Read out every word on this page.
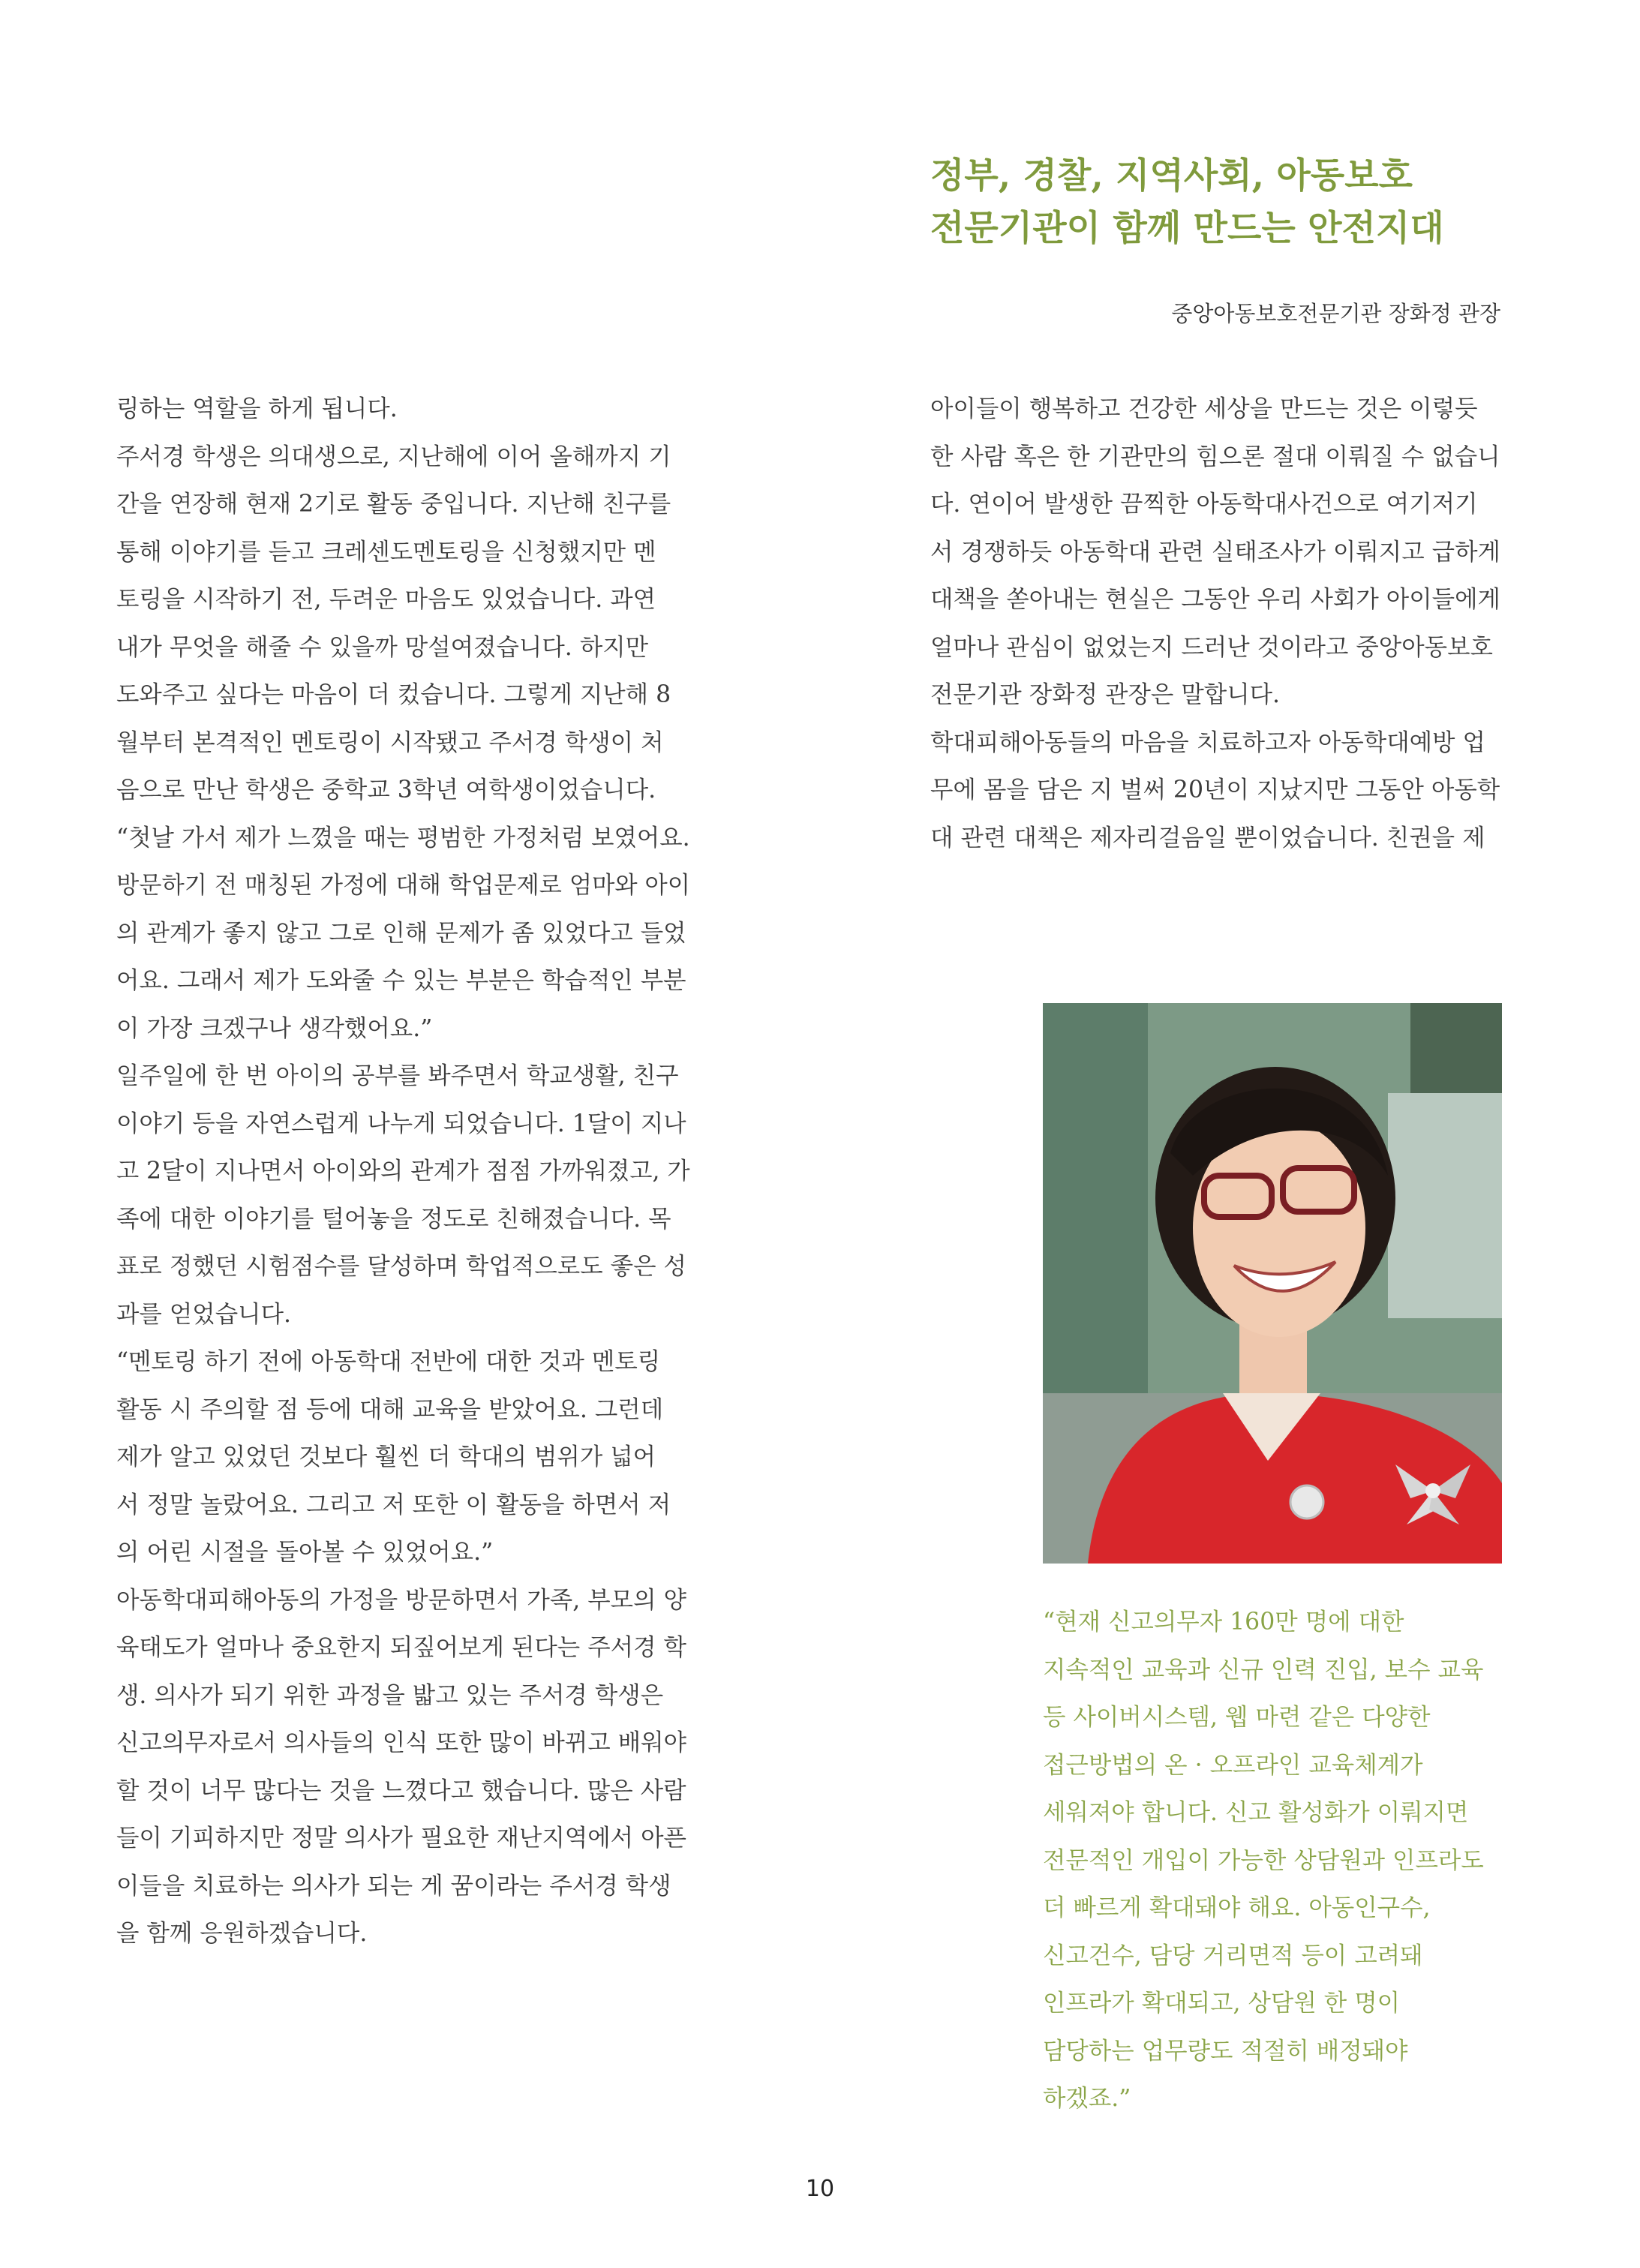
정부, 경찰, 지역사회, 아동보호
전문기관이 함께 만드는 안전지대
중앙아동보호전문기관 장화정 관장
링하는 역할을 하게 됩니다.
주서경 학생은 의대생으로, 지난해에 이어 올해까지 기
간을 연장해 현재 2기로 활동 중입니다. 지난해 친구를
통해 이야기를 듣고 크레센도멘토링을 신청했지만 멘
토링을 시작하기 전, 두려운 마음도 있었습니다. 과연
내가 무엇을 해줄 수 있을까 망설여졌습니다. 하지만
도와주고 싶다는 마음이 더 컸습니다. 그렇게 지난해 8
월부터 본격적인 멘토링이 시작됐고 주서경 학생이 처
음으로 만난 학생은 중학교 3학년 여학생이었습니다.
“첫날 가서 제가 느꼈을 때는 평범한 가정처럼 보였어요.
방문하기 전 매칭된 가정에 대해 학업문제로 엄마와 아이
의 관계가 좋지 않고 그로 인해 문제가 좀 있었다고 들었
어요. 그래서 제가 도와줄 수 있는 부분은 학습적인 부분
이 가장 크겠구나 생각했어요.”
일주일에 한 번 아이의 공부를 봐주면서 학교생활, 친구
이야기 등을 자연스럽게 나누게 되었습니다. 1달이 지나
고 2달이 지나면서 아이와의 관계가 점점 가까워졌고, 가
족에 대한 이야기를 털어놓을 정도로 친해졌습니다. 목
표로 정했던 시험점수를 달성하며 학업적으로도 좋은 성
과를 얻었습니다.
“멘토링 하기 전에 아동학대 전반에 대한 것과 멘토링
활동 시 주의할 점 등에 대해 교육을 받았어요. 그런데
제가 알고 있었던 것보다 훨씬 더 학대의 범위가 넓어
서 정말 놀랐어요. 그리고 저 또한 이 활동을 하면서 저
의 어린 시절을 돌아볼 수 있었어요.”
아동학대피해아동의 가정을 방문하면서 가족, 부모의 양
육태도가 얼마나 중요한지 되짚어보게 된다는 주서경 학
생. 의사가 되기 위한 과정을 밟고 있는 주서경 학생은
신고의무자로서 의사들의 인식 또한 많이 바뀌고 배워야
할 것이 너무 많다는 것을 느꼈다고 했습니다. 많은 사람
들이 기피하지만 정말 의사가 필요한 재난지역에서 아픈
이들을 치료하는 의사가 되는 게 꿈이라는 주서경 학생
을 함께 응원하겠습니다.
아이들이 행복하고 건강한 세상을 만드는 것은 이렇듯
한 사람 혹은 한 기관만의 힘으론 절대 이뤄질 수 없습니
다. 연이어 발생한 끔찍한 아동학대사건으로 여기저기
서 경쟁하듯 아동학대 관련 실태조사가 이뤄지고 급하게
대책을 쏟아내는 현실은 그동안 우리 사회가 아이들에게
얼마나 관심이 없었는지 드러난 것이라고 중앙아동보호
전문기관 장화정 관장은 말합니다.
학대피해아동들의 마음을 치료하고자 아동학대예방 업
무에 몸을 담은 지 벌써 20년이 지났지만 그동안 아동학
대 관련 대책은 제자리걸음일 뿐이었습니다. 친권을 제
“현재 신고의무자 160만 명에 대한
지속적인 교육과 신규 인력 진입, 보수 교육
등 사이버시스템, 웹 마련 같은 다양한
접근방법의 온 · 오프라인 교육체계가
세워져야 합니다. 신고 활성화가 이뤄지면
전문적인 개입이 가능한 상담원과 인프라도
더 빠르게 확대돼야 해요. 아동인구수,
신고건수, 담당 거리면적 등이 고려돼
인프라가 확대되고, 상담원 한 명이
담당하는 업무량도 적절히 배정돼야
하겠죠.”
10
